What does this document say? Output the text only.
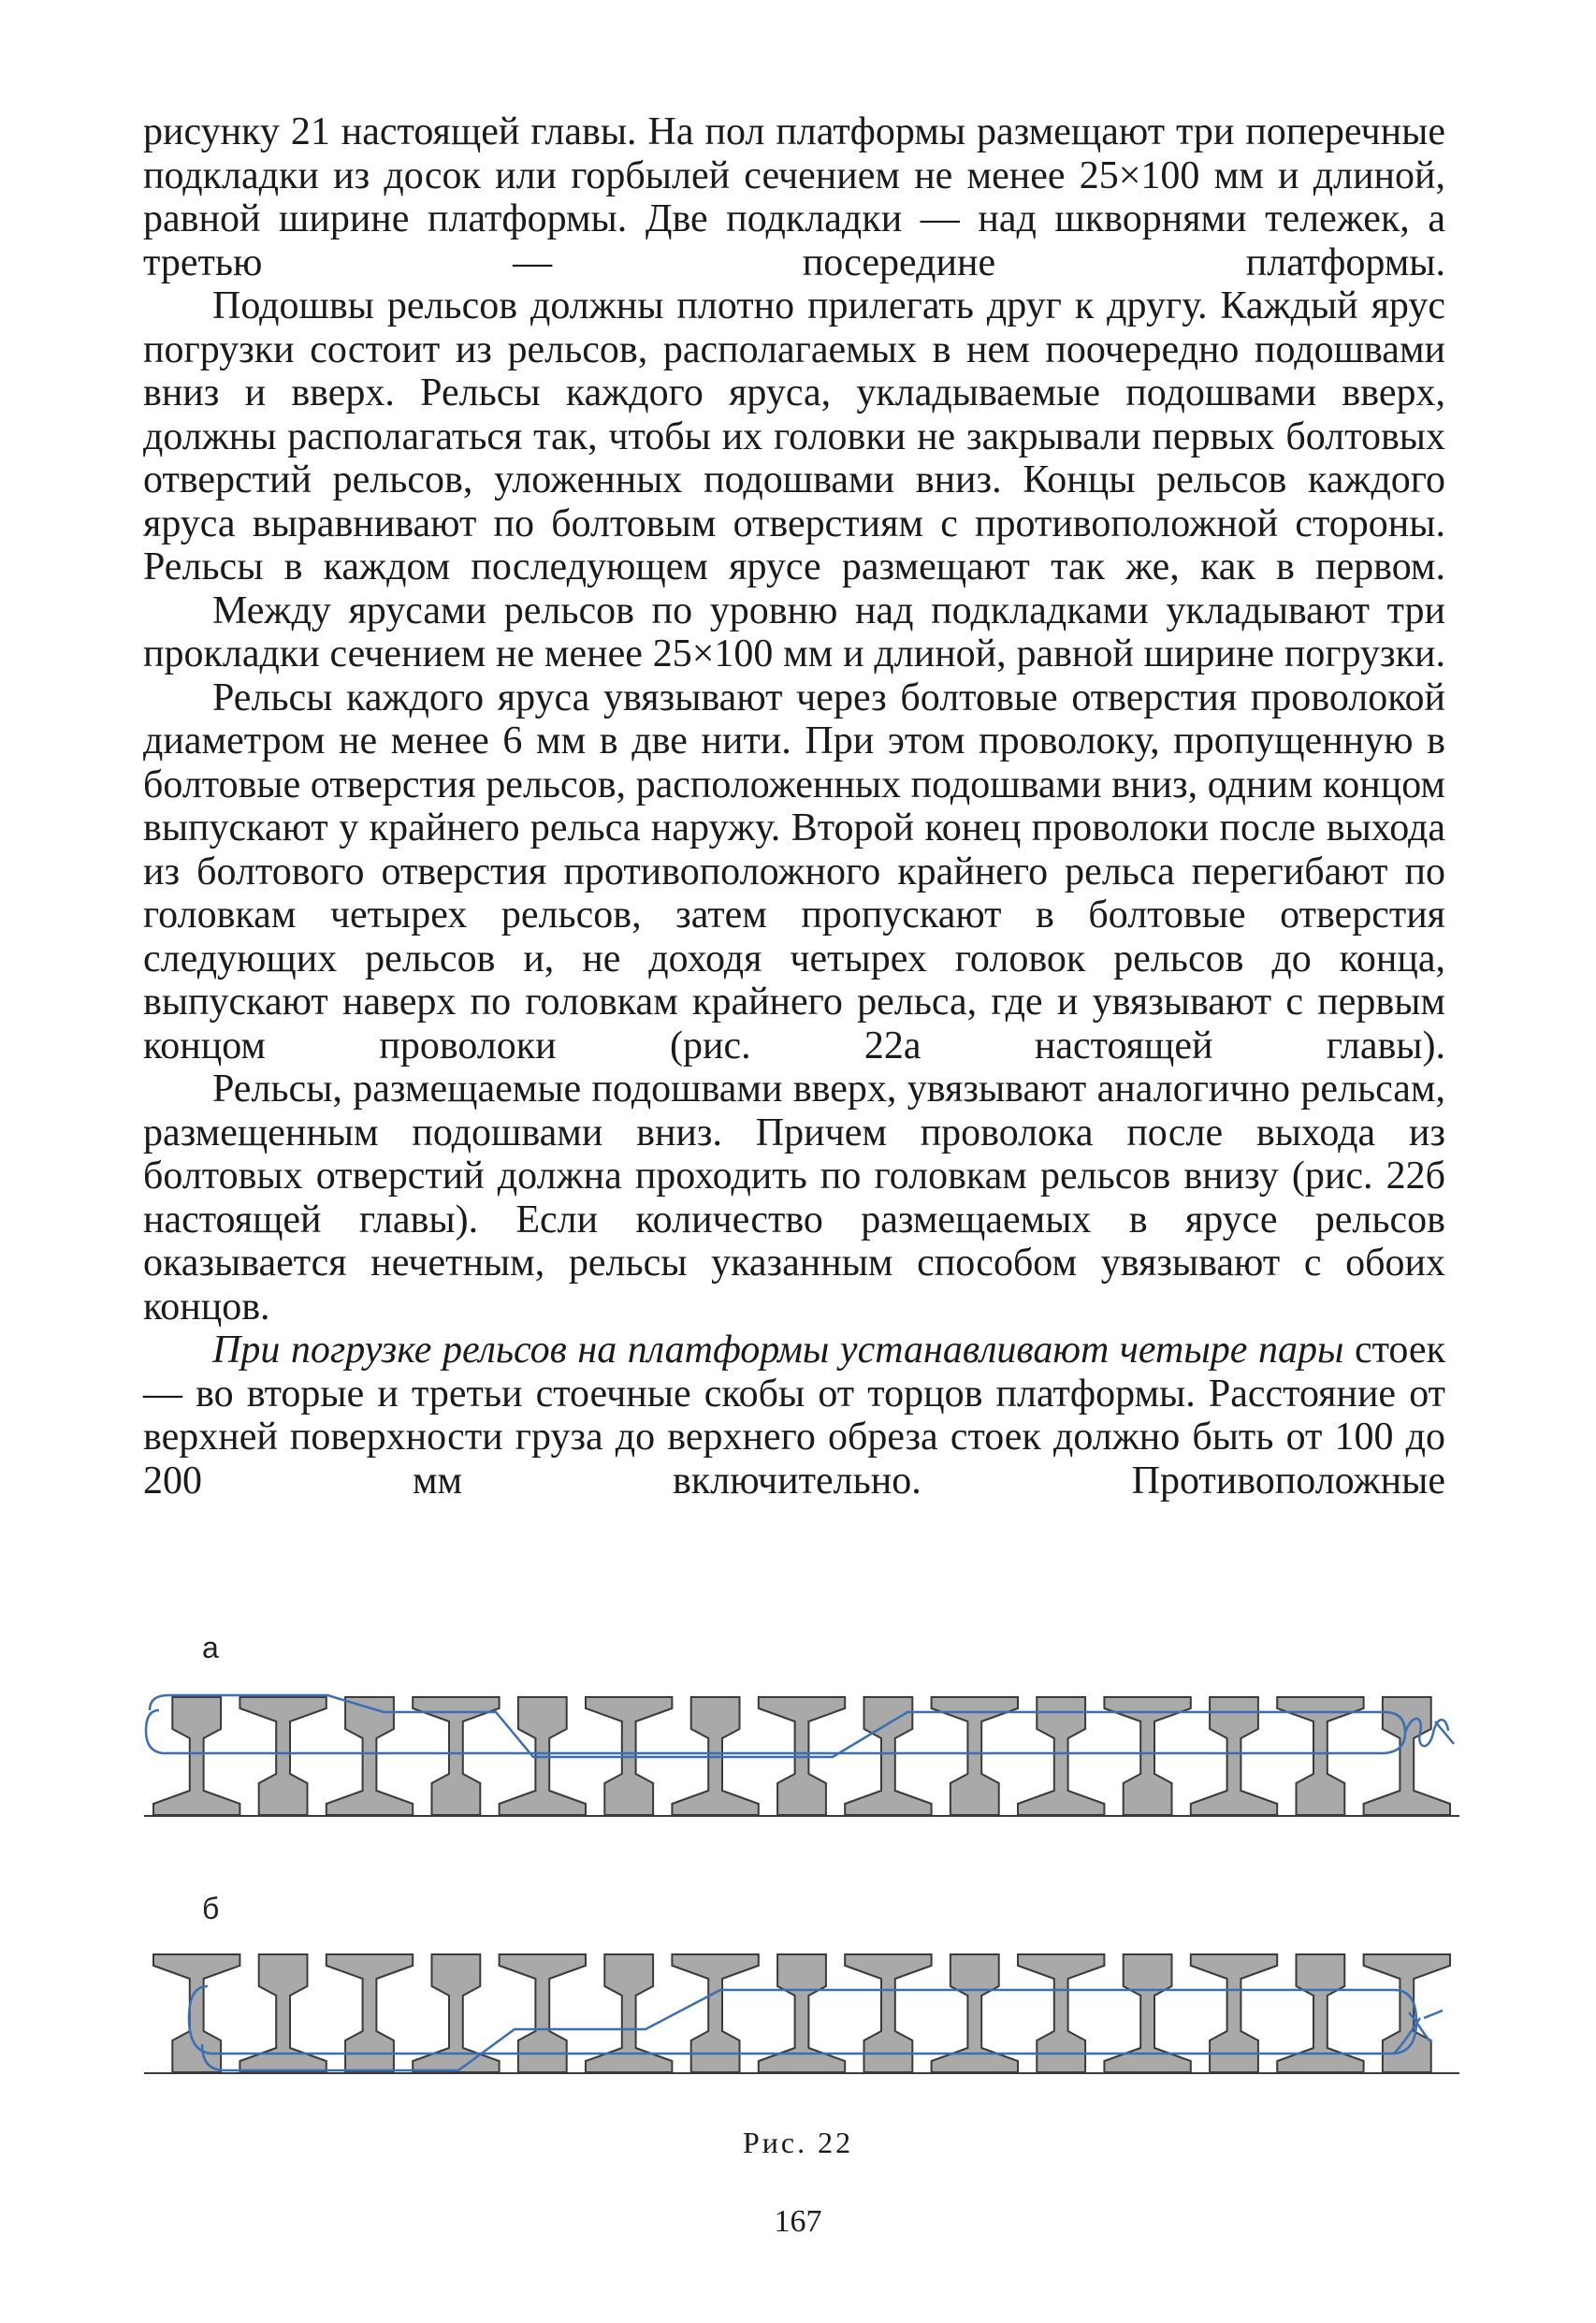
рисунку 21 настоящей главы. На пол платформы размещают три поперечные подкладки из досок или горбылей сечением не менее 25×100 мм и длиной, равной ширине платформы. Две подкладки — над шкворнями тележек, а третью — посередине платформы.

Подошвы рельсов должны плотно прилегать друг к другу. Каждый ярус погрузки состоит из рельсов, располагаемых в нем поочередно подошвами вниз и вверх. Рельсы каждого яруса, укладываемые подошвами вверх, должны располагаться так, чтобы их головки не закрывали первых болтовых отверстий рельсов, уложенных подошвами вниз. Концы рельсов каждого яруса выравнивают по болтовым отверстиям с противоположной стороны. Рельсы в каждом последующем ярусе размещают так же, как в первом.

Между ярусами рельсов по уровню над подкладками укладывают три прокладки сечением не менее 25×100 мм и длиной, равной ширине погрузки.

Рельсы каждого яруса увязывают через болтовые отверстия проволокой диаметром не менее 6 мм в две нити. При этом проволоку, пропущенную в болтовые отверстия рельсов, расположенных подошвами вниз, одним концом выпускают у крайнего рельса наружу. Второй конец проволоки после выхода из болтового отверстия противоположного крайнего рельса перегибают по головкам четырех рельсов, затем пропускают в болтовые отверстия следующих рельсов и, не доходя четырех головок рельсов до конца, выпускают наверх по головкам крайнего рельса, где и увязывают с первым концом проволоки (рис. 22а настоящей главы).

Рельсы, размещаемые подошвами вверх, увязывают аналогично рельсам, размещенным подошвами вниз. Причем проволока после выхода из болтовых отверстий должна проходить по головкам рельсов внизу (рис. 22б настоящей главы). Если количество размещаемых в ярусе рельсов оказывается нечетным, рельсы указанным способом увязывают с обоих концов.

При погрузке рельсов на платформы устанавливают четыре пары стоек — во вторые и третьи стоечные скобы от торцов платформы. Расстояние от верхней поверхности груза до верхнего обреза стоек должно быть от 100 до 200 мм включительно. Противоположные

а
б
Рис. 22
167
